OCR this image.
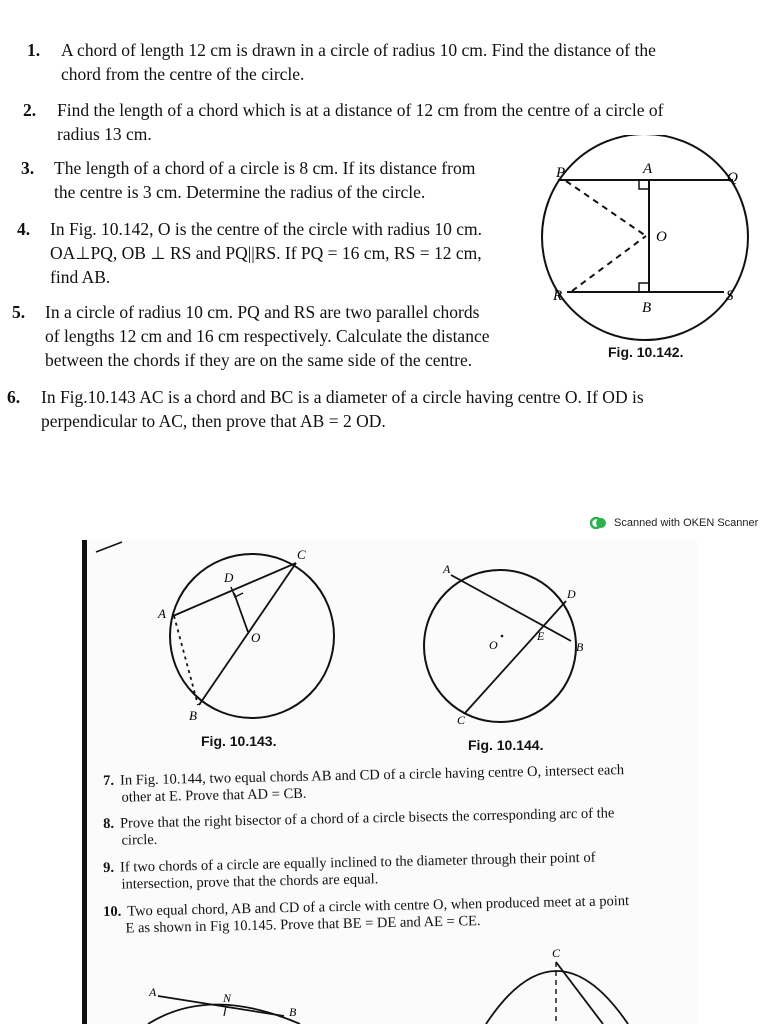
1. A chord of length 12 cm is drawn in a circle of radius 10 cm. Find the distance of the
chord from the centre of the circle.
2. Find the length of a chord which is at a distance of 12 cm from the centre of a circle of
radius 13 cm.
3. The length of a chord of a circle is 8 cm. If its distance from
the centre is 3 cm. Determine the radius of the circle.
4. In Fig. 10.142, O is the centre of the circle with radius 10 cm.
OA⊥PQ, OB ⊥ RS and PQ||RS. If PQ = 16 cm, RS = 12 cm,
find AB.
5. In a circle of radius 10 cm. PQ and RS are two parallel chords
of lengths 12 cm and 16 cm respectively. Calculate the distance
between the chords if they are on the same side of the centre.
6. In Fig.10.143 AC is a chord and BC is a diameter of a circle having centre O. If OD is
perpendicular to AC, then prove that AB = 2 OD.
P	A
Q
O
R
B
S
Fig. 10.142.
Scanned with OKEN Scanner
A
B
C
D
O
Fig. 10.143.
A
B
C
D
E
O
Fig. 10.144.
7. In Fig. 10.144, two equal chords AB and CD of a circle having centre O, intersect each
other at E. Prove that AD = CB.
8. Prove that the right bisector of a chord of a circle bisects the corresponding arc of the
circle.
9. If two chords of a circle are equally inclined to the diameter through their point of
intersection, prove that the chords are equal.
10. Two equal chord, AB and CD of a circle with centre O, when produced meet at a point
E as shown in Fig 10.145. Prove that BE = DE and AE = CE.
A	N
B
C
